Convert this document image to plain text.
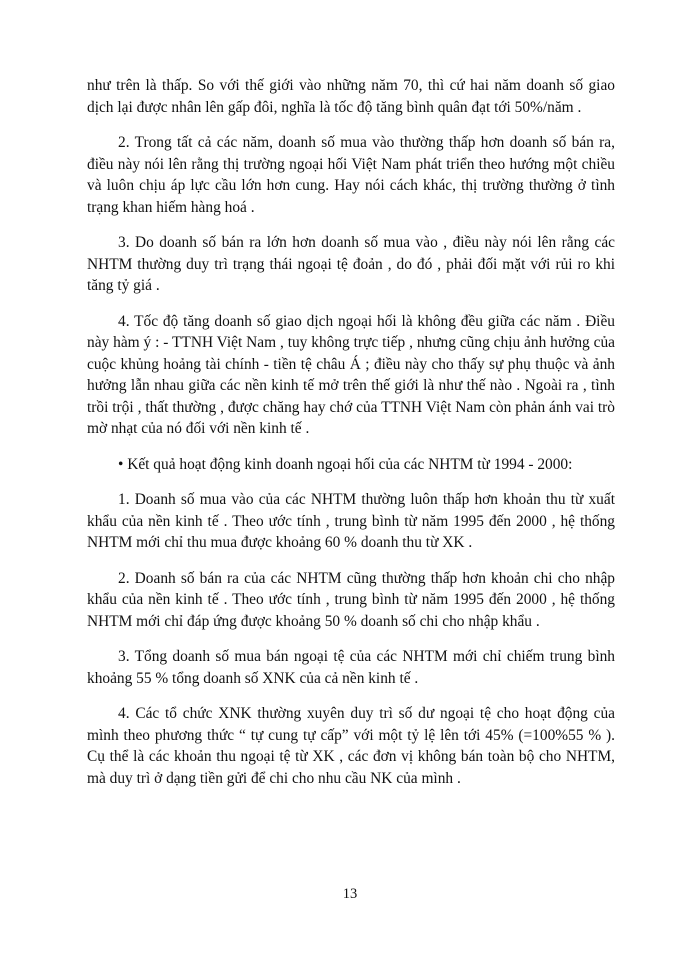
như trên là thấp. So với thế giới vào những năm 70, thì cứ hai năm doanh số giao dịch lại được nhân lên gấp đôi, nghĩa là tốc độ tăng bình quân đạt tới 50%/năm .

2. Trong tất cả các năm, doanh số mua vào thường thấp hơn doanh số bán ra, điều này nói lên rằng thị trường ngoại hối Việt Nam phát triển theo hướng một chiều và luôn chịu áp lực cầu lớn hơn cung. Hay nói cách khác, thị trường thường ở tình trạng khan hiếm hàng hoá .

3. Do doanh số bán ra lớn hơn doanh số mua vào , điều này nói lên rằng các NHTM thường duy trì trạng thái ngoại tệ đoản , do đó , phải đối mặt với rủi ro khi tăng tỷ giá .

4. Tốc độ tăng doanh số giao dịch ngoại hối là không đều giữa các năm . Điều này hàm ý : - TTNH Việt Nam , tuy không trực tiếp , nhưng cũng chịu ảnh hưởng của cuộc khủng hoảng tài chính - tiền tệ châu Á ; điều này cho thấy sự phụ thuộc và ảnh hưởng lẫn nhau giữa các nền kinh tế mở trên thế giới là như thế nào . Ngoài ra , tình trồi trội , thất thường , được chăng hay chớ của TTNH Việt Nam còn phản ánh vai trò mờ nhạt của nó đối với nền kinh tế .

• Kết quả hoạt động kinh doanh ngoại hối của các NHTM từ 1994 - 2000:

1. Doanh số mua vào của các NHTM thường luôn thấp hơn khoản thu từ xuất khẩu của nền kinh tế . Theo ước tính , trung bình từ năm 1995 đến 2000 , hệ thống NHTM mới chỉ thu mua được khoảng 60 % doanh thu từ XK .

2. Doanh số bán ra của các NHTM cũng thường thấp hơn khoản chi cho nhập khẩu của nền kinh tế . Theo ước tính , trung bình từ năm 1995 đến 2000 , hệ thống NHTM mới chỉ đáp ứng được khoảng 50 % doanh số chi cho nhập khẩu .

3. Tổng doanh số mua bán ngoại tệ của các NHTM mới chỉ chiếm trung bình khoảng 55 % tổng doanh số XNK của cả nền kinh tế .

4. Các tổ chức XNK thường xuyên duy trì số dư ngoại tệ cho hoạt động của mình theo phương thức “ tự cung tự cấp” với một tỷ lệ lên tới 45% (=100%55 % ). Cụ thể là các khoản thu ngoại tệ từ XK , các đơn vị không bán toàn bộ cho NHTM, mà duy trì ở dạng tiền gửi để chi cho nhu cầu NK của mình .

13
